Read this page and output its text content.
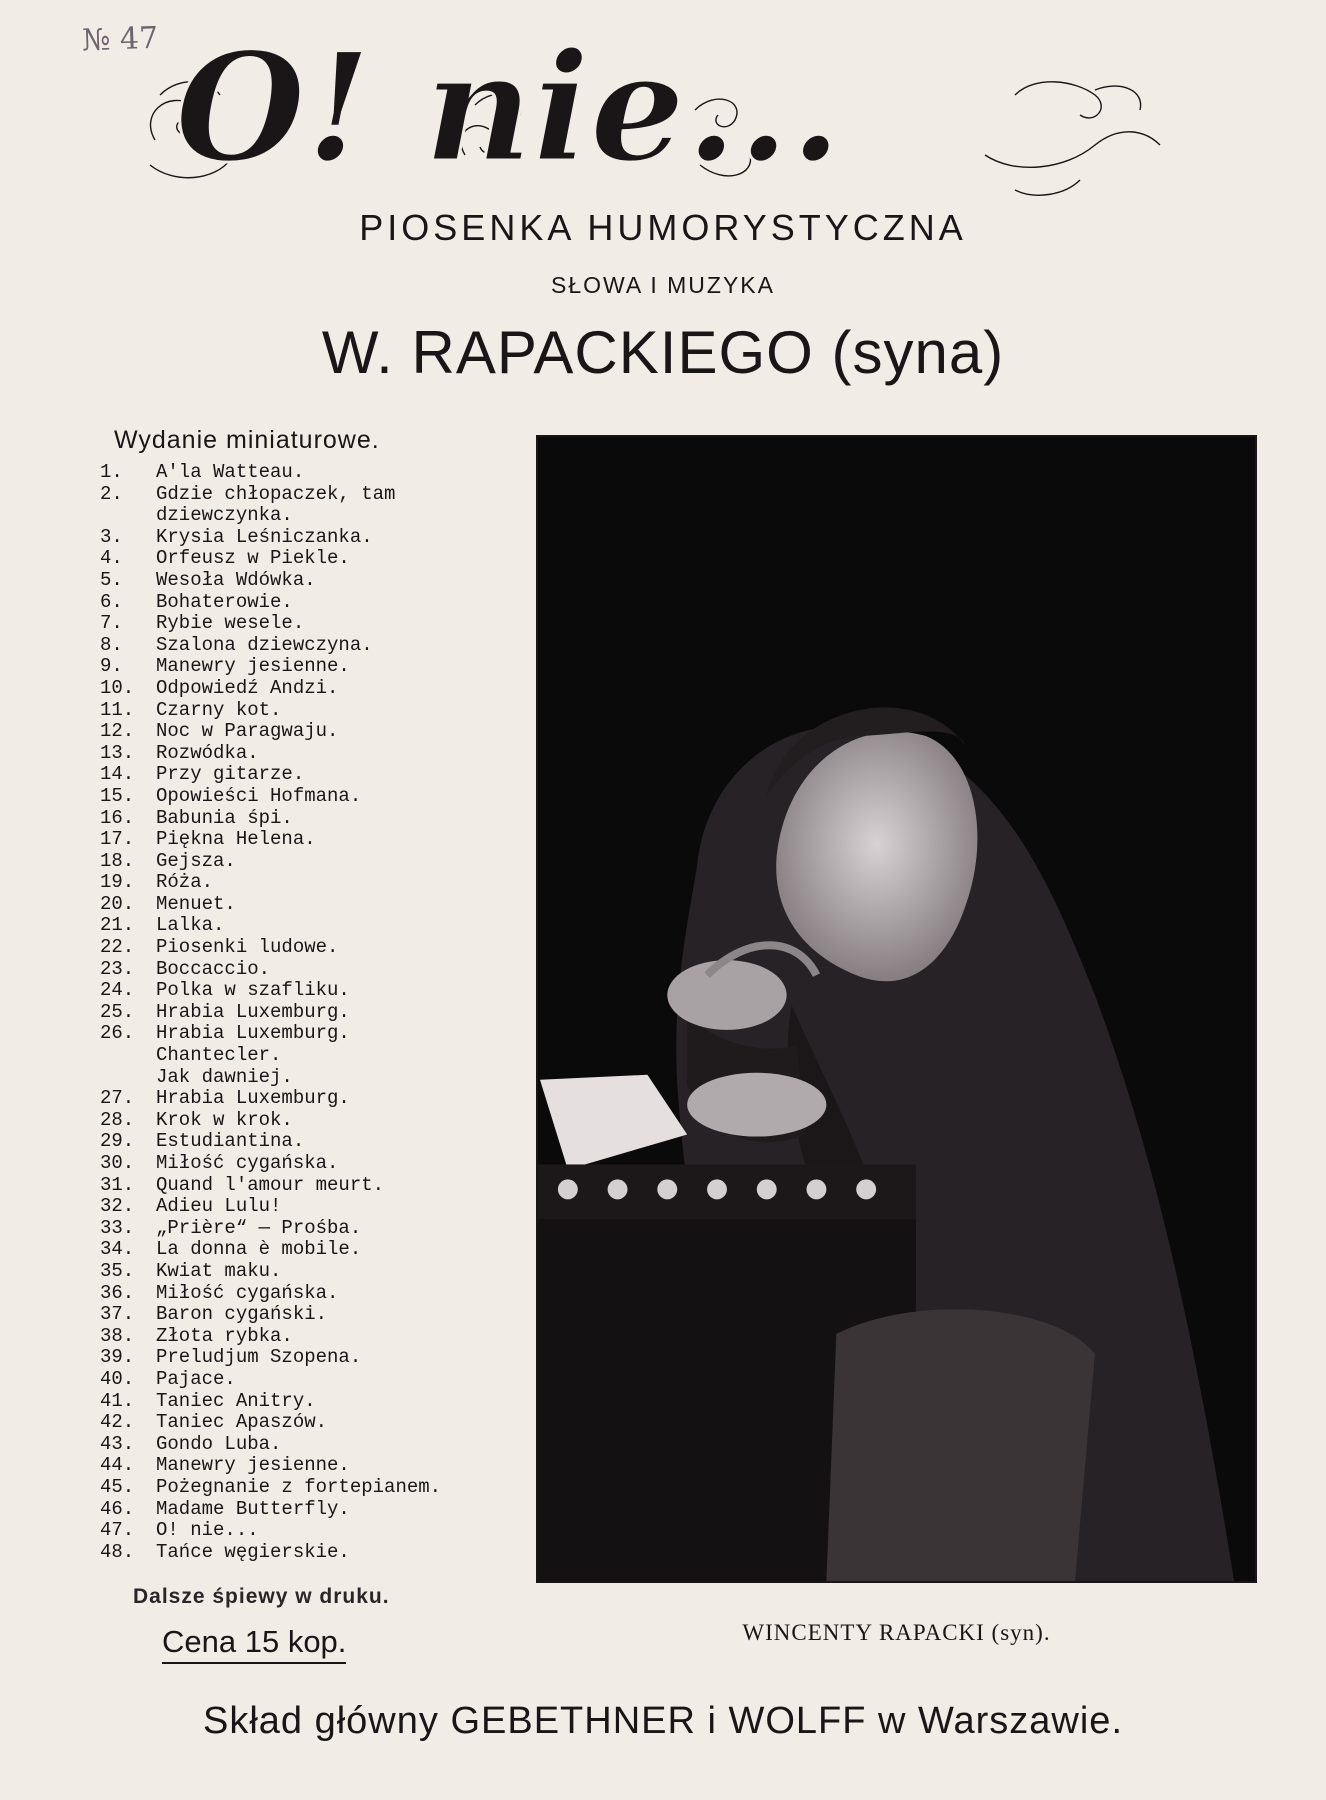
№ 47 O! nie...
PIOSENKA HUMORYSTYCZNA
SŁOWA I MUZYKA
W. RAPACKIEGO (syna)
Wydanie miniaturowe.
1.	A'la Watteau.
2.	Gdzie chłopaczek, tam
dziewczynka.
3.	Krysia Leśniczanka.
4.	Orfeusz w Piekle.
5.	Wesoła Wdówka.
6.	Bohaterowie.
7.	Rybie wesele.
8.	Szalona dziewczyna.
9.	Manewry jesienne.
10.	Odpowiedź Andzi.
11.	Czarny kot.
12.	Noc w Paragwaju.
13.	Rozwódka.
14.	Przy gitarze.
15.	Opowieści Hofmana.
16.	Babunia śpi.
17.	Piękna Helena.
18.	Gejsza.
19.	Róża.
20.	Menuet.
21.	Lalka.
22.	Piosenki ludowe.
23.	Boccaccio.
24.	Polka w szafliku.
25.	Hrabia Luxemburg.
26.	Hrabia Luxemburg.
Chantecler.
Jak dawniej.
27.	Hrabia Luxemburg.
28.	Krok w krok.
29.	Estudiantina.
30.	Miłość cygańska.
31.	Quand l'amour meurt.
32.	Adieu Lulu!
33.	„Prière“ — Prośba.
34.	La donna è mobile.
35.	Kwiat maku.
36.	Miłość cygańska.
37.	Baron cygański.
38.	Złota rybka.
39.	Preludjum Szopena.
40.	Pajace.
41.	Taniec Anitry.
42.	Taniec Apaszów.
43.	Gondo Luba.
44.	Manewry jesienne.
45.	Pożegnanie z fortepianem.
46.	Madame Butterfly.
47.	O! nie...
48.	Tańce węgierskie.
Dalsze śpiewy w druku.
Cena 15 kop.	WINCENTY RAPACKI (syn).
Skład główny GEBETHNER i WOLFF w Warszawie.
